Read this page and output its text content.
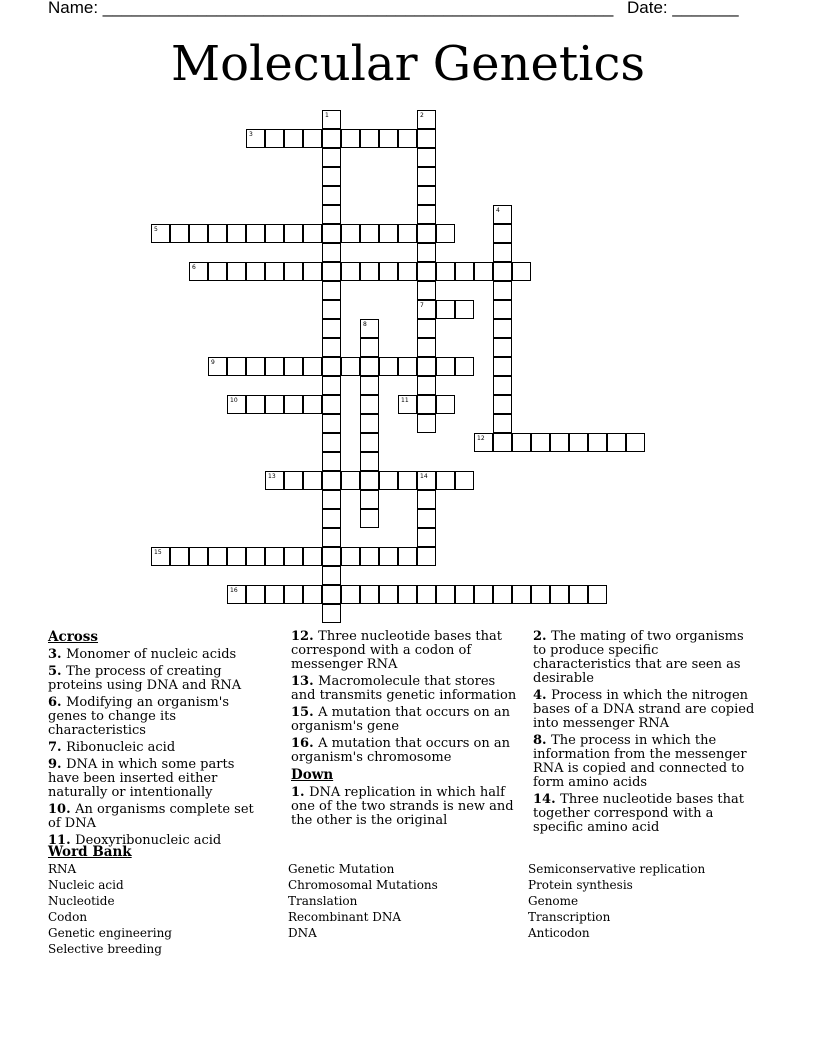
Name: ______________________________________________________ Date: _______
Molecular Genetics
1	2
7
3
4
5
6
8
9
10	11
12
13	14
15
16
Across
3. Monomer of nucleic acids
5. The process of creating proteins using DNA and RNA
6. Modifying an organism's genes to change its characteristics
7. Ribonucleic acid
9. DNA in which some parts have been inserted either naturally or intentionally
10. An organisms complete set of DNA
11. Deoxyribonucleic acid
12. Three nucleotide bases that correspond with a codon of messenger RNA
13. Macromolecule that stores and transmits genetic information
15. A mutation that occurs on an organism's gene
16. A mutation that occurs on an organism's chromosome
Down
1. DNA replication in which half one of the two strands is new and the other is the original
2. The mating of two organisms to produce specific characteristics that are seen as desirable
4. Process in which the nitrogen bases of a DNA strand are copied into messenger RNA
8. The process in which the information from the messenger RNA is copied and connected to form amino acids
14. Three nucleotide bases that together correspond with a specific amino acid
Word Bank
RNA
Nucleic acid
Nucleotide
Codon
Genetic engineering
Selective breeding
Genetic Mutation
Chromosomal Mutations
Translation
Recombinant DNA
DNA
Semiconservative replication
Protein synthesis
Genome
Transcription
Anticodon
